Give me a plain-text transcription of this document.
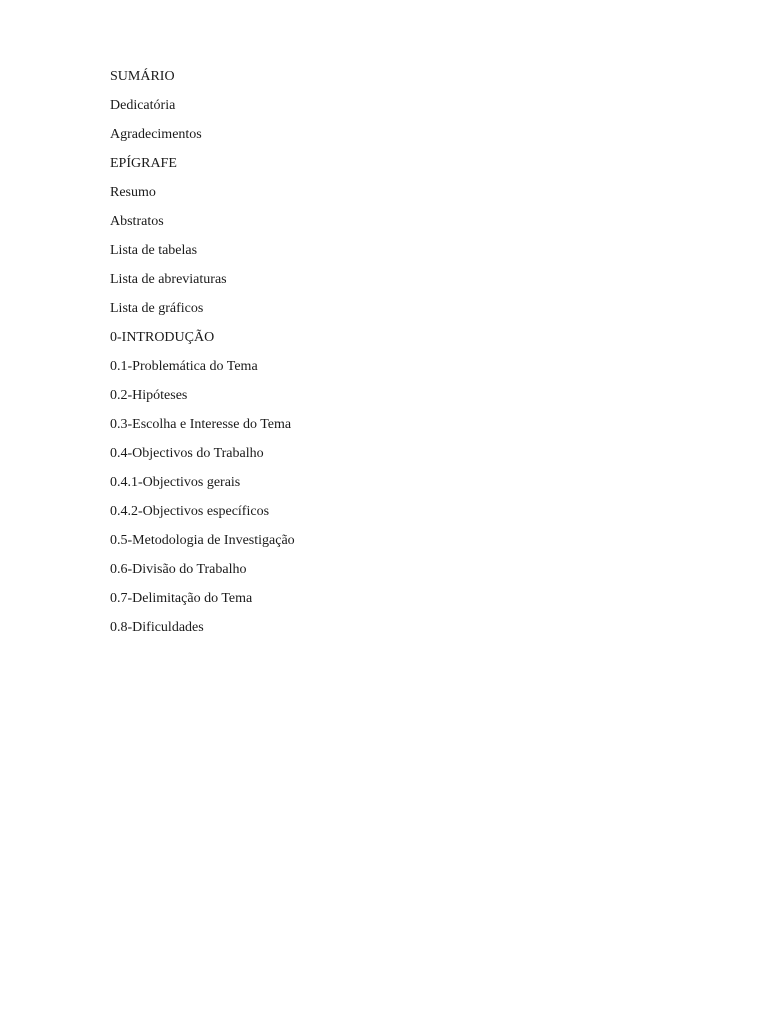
SUMÁRIO
Dedicatória
Agradecimentos
EPÍGRAFE
Resumo
Abstratos
Lista de tabelas
Lista de abreviaturas
Lista de gráficos
0-INTRODUÇÃO
0.1-Problemática do Tema
0.2-Hipóteses
0.3-Escolha e Interesse do Tema
0.4-Objectivos do Trabalho
0.4.1-Objectivos gerais
0.4.2-Objectivos específicos
0.5-Metodologia de Investigação
0.6-Divisão do Trabalho
0.7-Delimitação do Tema
0.8-Dificuldades
